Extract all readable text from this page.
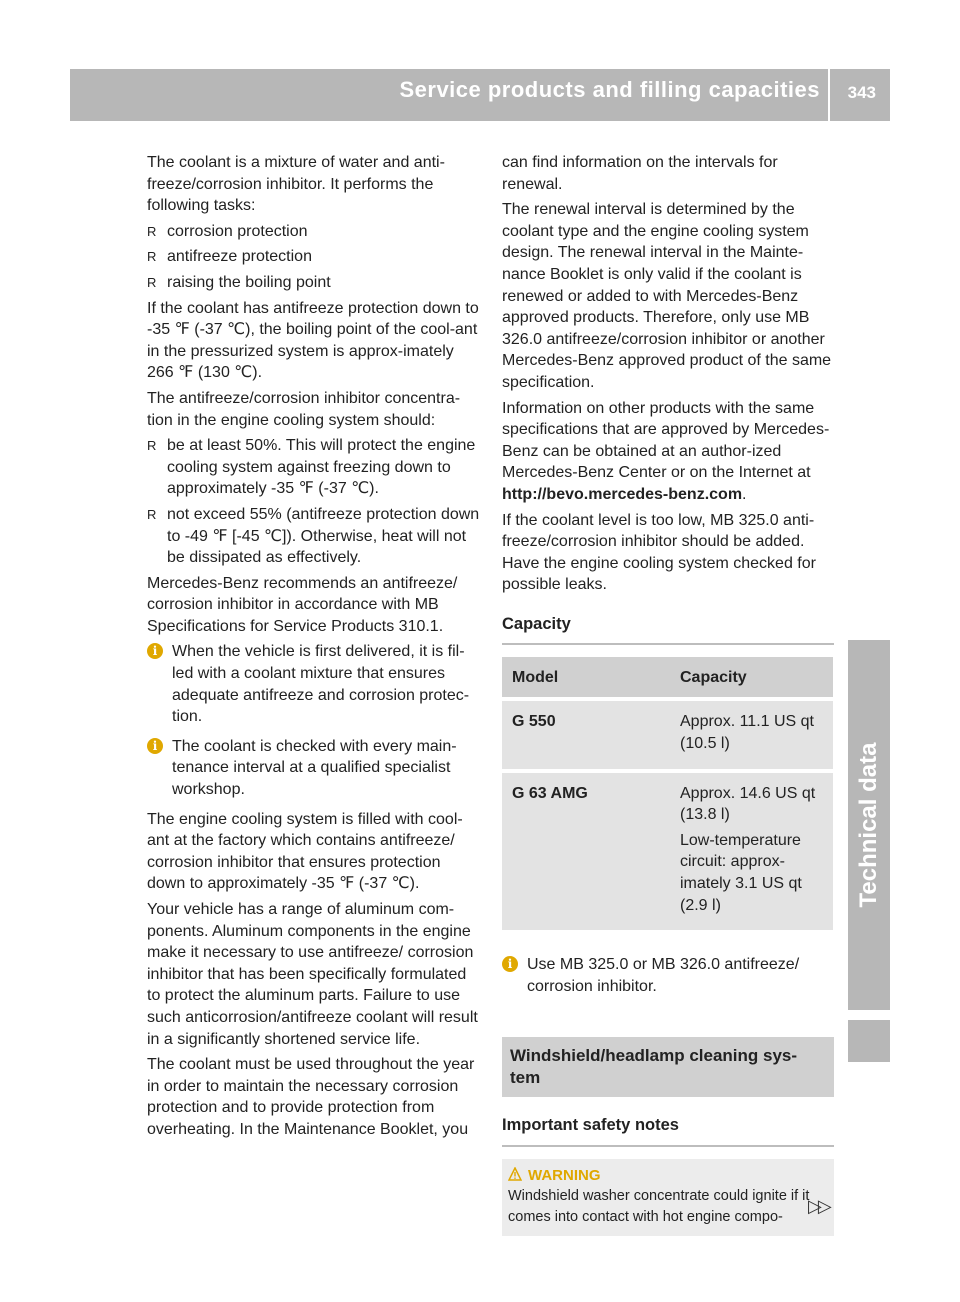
Service products and filling capacities 343
Technical data

The coolant is a mixture of water and anti-freeze/corrosion inhibitor. It performs the following tasks:

R corrosion protection
R antifreeze protection
R raising the boiling point

If the coolant has antifreeze protection down to -35 ℉ (-37 ℃), the boiling point of the cool-ant in the pressurized system is approx-imately 266 ℉ (130 ℃).

The antifreeze/corrosion inhibitor concentra-tion in the engine cooling system should:

R be at least 50%. This will protect the engine cooling system against freezing down to approximately -35 ℉ (-37 ℃).
R not exceed 55% (antifreeze protection down to -49 ℉ [-45 ℃]). Otherwise, heat will not be dissipated as effectively.

Mercedes-Benz recommends an antifreeze/ corrosion inhibitor in accordance with MB Specifications for Service Products 310.1.

i When the vehicle is first delivered, it is fil-led with a coolant mixture that ensures adequate antifreeze and corrosion protec-tion.
i The coolant is checked with every main-tenance interval at a qualified specialist workshop.

The engine cooling system is filled with cool-ant at the factory which contains antifreeze/ corrosion inhibitor that ensures protection down to approximately -35 ℉ (-37 ℃).

Your vehicle has a range of aluminum com-ponents. Aluminum components in the engine make it necessary to use antifreeze/ corrosion inhibitor that has been specifically formulated to protect the aluminum parts. Failure to use such anticorrosion/antifreeze coolant will result in a significantly shortened service life.

The coolant must be used throughout the year in order to maintain the necessary corrosion protection and to provide protection from overheating. In the Maintenance Booklet, you

can find information on the intervals for renewal.

The renewal interval is determined by the coolant type and the engine cooling system design. The renewal interval in the Mainte-nance Booklet is only valid if the coolant is renewed or added to with Mercedes-Benz approved products. Therefore, only use MB 326.0 antifreeze/corrosion inhibitor or another Mercedes-Benz approved product of the same specification.

Information on other products with the same specifications that are approved by Mercedes-Benz can be obtained at an author-ized Mercedes-Benz Center or on the Internet at http://bevo.mercedes-benz.com.

If the coolant level is too low, MB 325.0 anti-freeze/corrosion inhibitor should be added. Have the engine cooling system checked for possible leaks.

Capacity
Model	Capacity
G 550	Approx. 11.1 US qt (10.5 l)

G 63 AMG	Approx. 14.6 US qt (13.8 l)

Low-temperature circuit: approx-imately 3.1 US qt (2.9 l)

i Use MB 325.0 or MB 326.0 antifreeze/ corrosion inhibitor.
Windshield/headlamp cleaning sys-tem
Important safety notes
WARNING
Windshield washer concentrate could ignite if it comes into contact with hot engine compo-
▷▷
